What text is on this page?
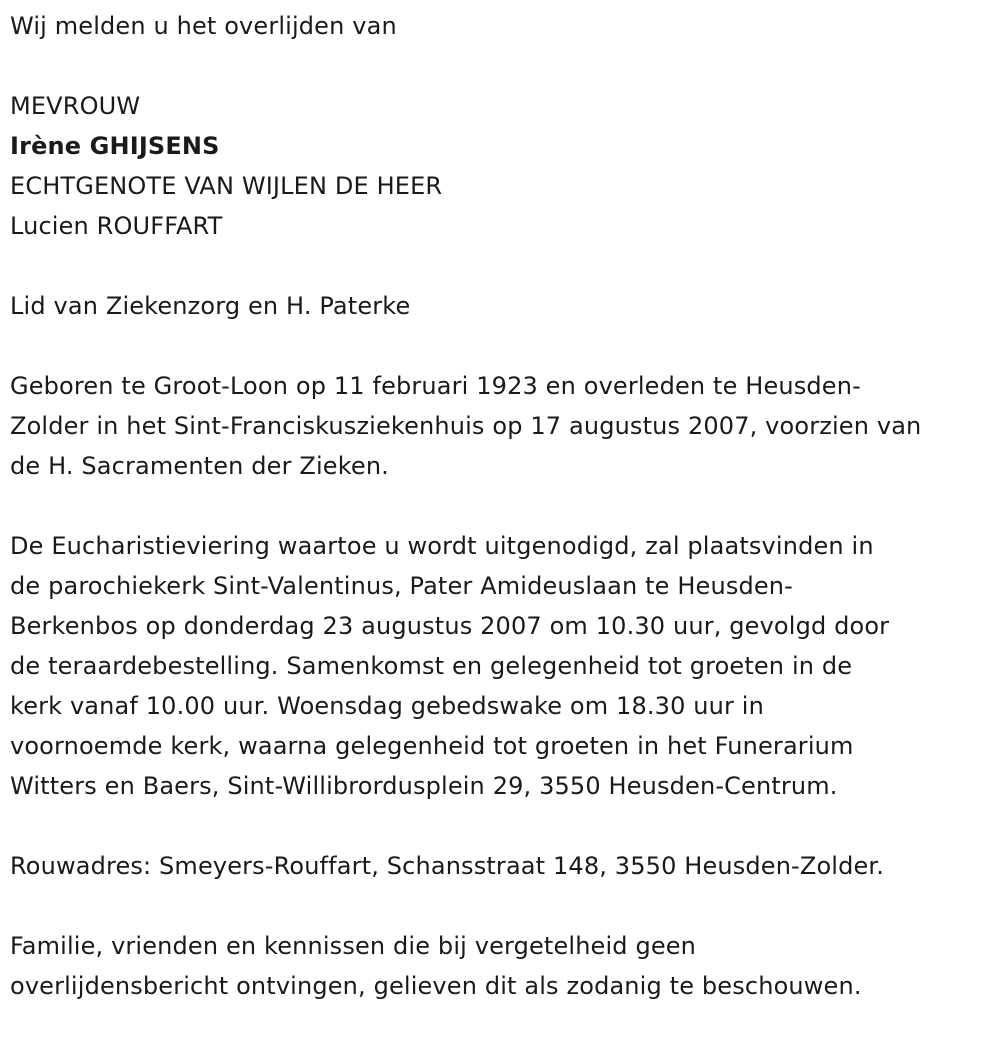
Wij melden u het overlijden van
MEVROUW
Irène GHIJSENS
ECHTGENOTE VAN WIJLEN DE HEER
Lucien ROUFFART
Lid van Ziekenzorg en H. Paterke
Geboren te Groot-Loon op 11 februari 1923 en overleden te Heusden-
Zolder in het Sint-Franciskusziekenhuis op 17 augustus 2007, voorzien van
de H. Sacramenten der Zieken.
De Eucharistieviering waartoe u wordt uitgenodigd, zal plaatsvinden in
de parochiekerk Sint-Valentinus, Pater Amideuslaan te Heusden-
Berkenbos op donderdag 23 augustus 2007 om 10.30 uur, gevolgd door
de teraardebestelling. Samenkomst en gelegenheid tot groeten in de
kerk vanaf 10.00 uur. Woensdag gebedswake om 18.30 uur in
voornoemde kerk, waarna gelegenheid tot groeten in het Funerarium
Witters en Baers, Sint-Willibrordusplein 29, 3550 Heusden-Centrum.
Rouwadres: Smeyers-Rouffart, Schansstraat 148, 3550 Heusden-Zolder.
Familie, vrienden en kennissen die bij vergetelheid geen
overlijdensbericht ontvingen, gelieven dit als zodanig te beschouwen.
